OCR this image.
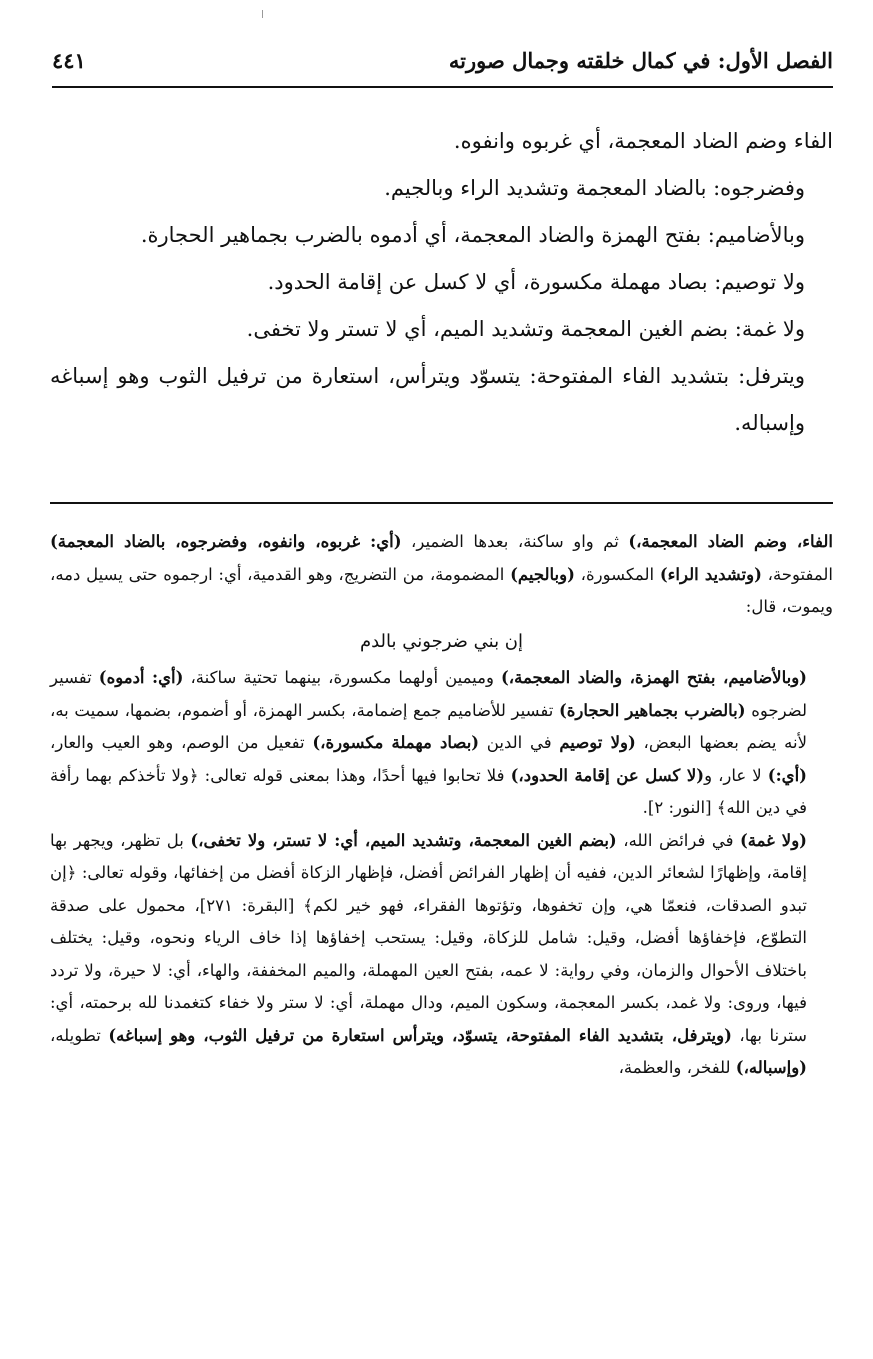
الفصل الأول: في كمال خلقته وجمال صورته
٤٤١

الفاء وضم الضاد المعجمة، أي غربوه وانفوه.

وفضرجوه: بالضاد المعجمة وتشديد الراء وبالجيم.

وبالأضاميم: بفتح الهمزة والضاد المعجمة، أي أدموه بالضرب بجماهير الحجارة.

ولا توصيم: بصاد مهملة مكسورة، أي لا كسل عن إقامة الحدود.

ولا غمة: بضم الغين المعجمة وتشديد الميم، أي لا تستر ولا تخفى.

ويترفل: بتشديد الفاء المفتوحة: يتسوّد ويترأس، استعارة من ترفيل الثوب وهو إسباغه وإسباله.

الفاء، وضم الضاد المعجمة،) ثم واو ساكنة، بعدها الضمير، (أي: غربوه، وانفوه، وفضرجوه، بالضاد المعجمة) المفتوحة، (وتشديد الراء) المكسورة، (وبالجيم) المضمومة، من التضريج، وهو القدمية، أي: ارجموه حتى يسيل دمه، ويموت، قال:

إن بني ضرجوني بالدم

(وبالأضاميم، بفتح الهمزة، والضاد المعجمة،) وميمين أولهما مكسورة، بينهما تحتية ساكنة، (أي: أدموه) تفسير لضرجوه (بالضرب بجماهير الحجارة) تفسير للأضاميم جمع إضمامة، بكسر الهمزة، أو أضموم، بضمها، سميت به، لأنه يضم بعضها البعض، (ولا توصيم في الدين (بصاد مهملة مكسورة،) تفعيل من الوصم، وهو العيب والعار، (أي:) لا عار، و(لا كسل عن إقامة الحدود،) فلا تحابوا فيها أحدًا، وهذا بمعنى قوله تعالى: ﴿ولا تأخذكم بهما رأفة في دين الله﴾ [النور: ٢].

(ولا غمة) في فرائض الله، (بضم الغين المعجمة، وتشديد الميم، أي: لا تستر، ولا تخفى،) بل تظهر، ويجهر بها إقامة، وإظهارًا لشعائر الدين، ففيه أن إظهار الفرائض أفضل، فإظهار الزكاة أفضل من إخفائها، وقوله تعالى: ﴿إن تبدو الصدقات، فنعمّا هي، وإن تخفوها، وتؤتوها الفقراء، فهو خير لكم﴾ [البقرة: ٢٧١]، محمول على صدقة التطوّع، فإخفاؤها أفضل، وقيل: شامل للزكاة، وقيل: يستحب إخفاؤها إذا خاف الرياء ونحوه، وقيل: يختلف باختلاف الأحوال والزمان، وفي رواية: لا عمه، بفتح العين المهملة، والميم المخففة، والهاء، أي: لا حيرة، ولا تردد فيها، وروى: ولا غمد، بكسر المعجمة، وسكون الميم، ودال مهملة، أي: لا ستر ولا خفاء كتغمدنا لله برحمته، أي: سترنا بها، (ويترفل، بتشديد الفاء المفتوحة، يتسوّد، ويترأس استعارة من ترفيل الثوب، وهو إسباغه) تطويله، (وإسباله،) للفخر، والعظمة،
